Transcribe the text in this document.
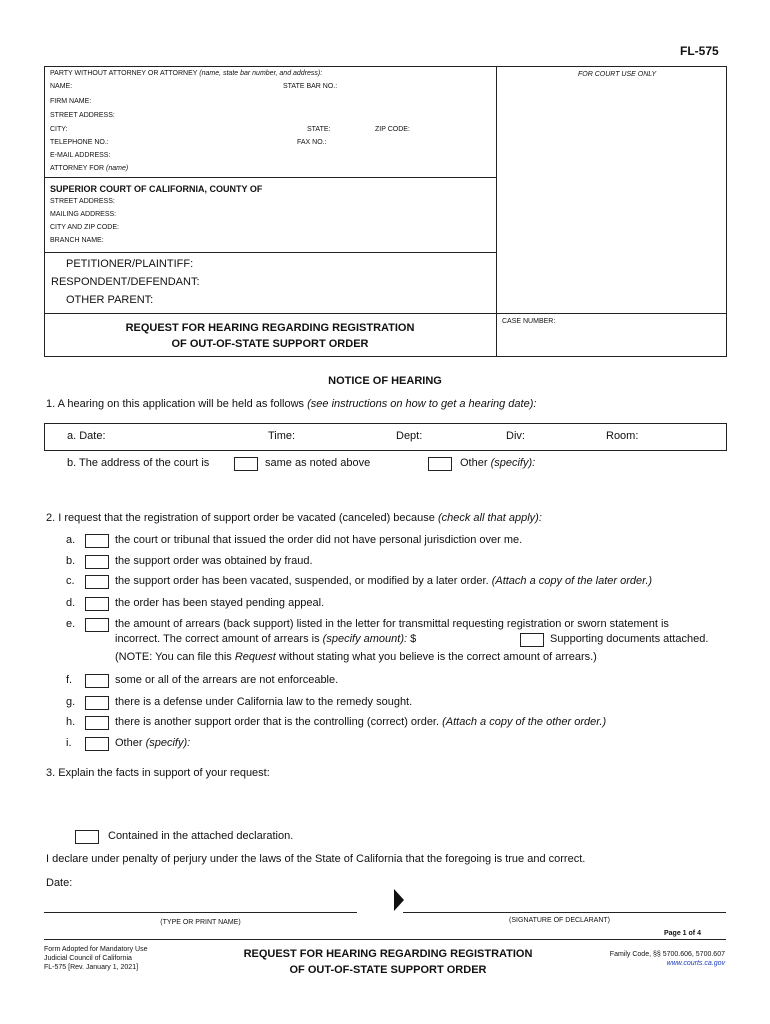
FL-575
PARTY WITHOUT ATTORNEY OR ATTORNEY (name, state bar number, and address):
NAME:	STATE BAR NO.:
FIRM NAME:
STREET ADDRESS:
CITY:	STATE:	ZIP CODE:
TELEPHONE NO.:	FAX NO.:
E-MAIL ADDRESS:
ATTORNEY FOR (name)
FOR COURT USE ONLY
SUPERIOR COURT OF CALIFORNIA, COUNTY OF
STREET ADDRESS:
MAILING ADDRESS:
CITY AND ZIP CODE:
BRANCH NAME:
PETITIONER/PLAINTIFF:
RESPONDENT/DEFENDANT:
OTHER PARENT:
REQUEST FOR HEARING REGARDING REGISTRATION
OF OUT-OF-STATE SUPPORT ORDER
CASE NUMBER:
NOTICE OF HEARING
1. A hearing on this application will be held as follows (see instructions on how to get a hearing date):
a. Date:	Time:	Dept:	Div:	Room:
b. The address of the court is	same as noted above	Other (specify):
2. I request that the registration of support order be vacated (canceled) because (check all that apply):
a.	the court or tribunal that issued the order did not have personal jurisdiction over me.
b.	the support order was obtained by fraud.
c.	the support order has been vacated, suspended, or modified by a later order. (Attach a copy of the later order.)
d.	the order has been stayed pending appeal.
e.	the amount of arrears (back support) listed in the letter for transmittal requesting registration or sworn statement is
incorrect. The correct amount of arrears is (specify amount): $	Supporting documents attached.
(NOTE: You can file this Request without stating what you believe is the correct amount of arrears.)
f.	some or all of the arrears are not enforceable.
g.	there is a defense under California law to the remedy sought.
h.	there is another support order that is the controlling (correct) order. (Attach a copy of the other order.)
i.	Other (specify):
3. Explain the facts in support of your request:
Contained in the attached declaration.
I declare under penalty of perjury under the laws of the State of California that the foregoing is true and correct.
Date:
(TYPE OR PRINT NAME)	(SIGNATURE OF DECLARANT)
Page 1 of 4
Form Adopted for Mandatory Use
Judicial Council of California
FL-575 [Rev. January 1, 2021]
REQUEST FOR HEARING REGARDING REGISTRATION
OF OUT-OF-STATE SUPPORT ORDER
Family Code, §§ 5700.606, 5700.607
www.courts.ca.gov
